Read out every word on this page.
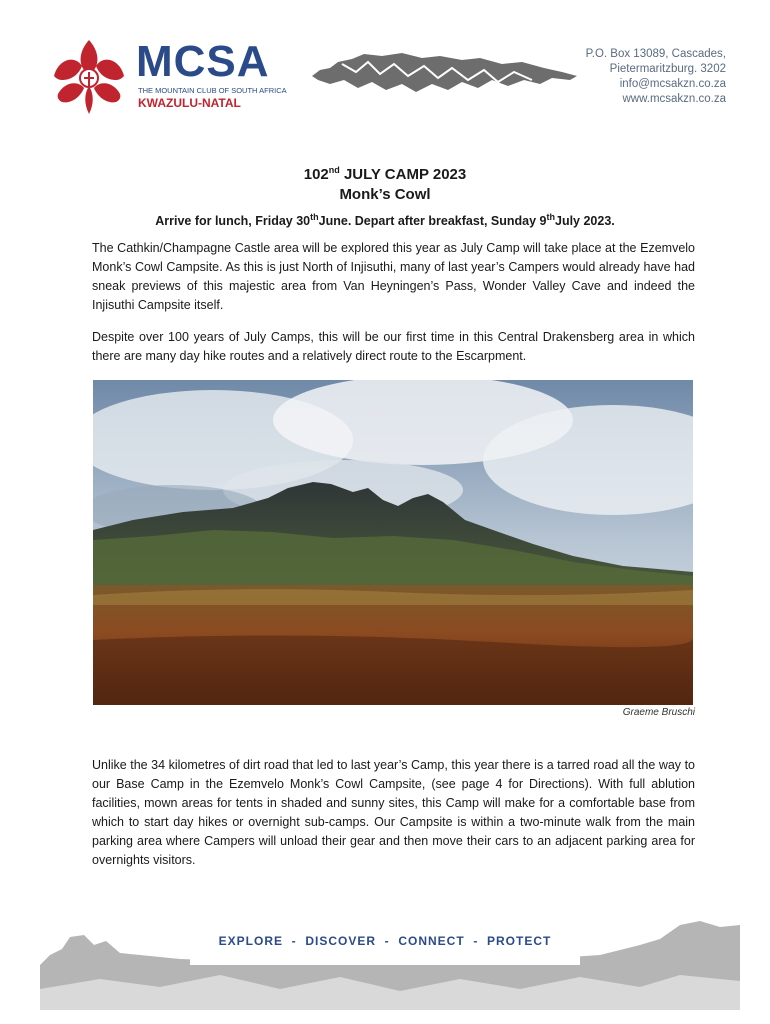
MCSA
THE MOUNTAIN CLUB OF SOUTH AFRICA
KWAZULU-NATAL
P.O. Box 13089, Cascades,
Pietermaritzburg. 3202
info@mcsakzn.co.za
www.mcsakzn.co.za
102nd JULY CAMP 2023
Monk’s Cowl
Arrive for lunch, Friday 30thJune. Depart after breakfast, Sunday 9thJuly 2023.
The Cathkin/Champagne Castle area will be explored this year as July Camp will take place at the Ezemvelo Monk’s Cowl Campsite. As this is just North of Injisuthi, many of last year’s Campers would already have had sneak previews of this majestic area from Van Heyningen’s Pass, Wonder Valley Cave and indeed the Injisuthi Campsite itself.
Despite over 100 years of July Camps, this will be our first time in this Central Drakensberg area in which there are many day hike routes and a relatively direct route to the Escarpment.
Graeme Bruschi
Unlike the 34 kilometres of dirt road that led to last year’s Camp, this year there is a tarred road all the way to our Base Camp in the Ezemvelo Monk’s Cowl Campsite, (see page 4 for Directions). With full ablution facilities, mown areas for tents in shaded and sunny sites, this Camp will make for a comfortable base from which to start day hikes or overnight sub-camps. Our Campsite is within a two-minute walk from the main parking area where Campers will unload their gear and then move their cars to an adjacent parking area for overnights visitors.
EXPLORE  -  DISCOVER  -  CONNECT  -  PROTECT
